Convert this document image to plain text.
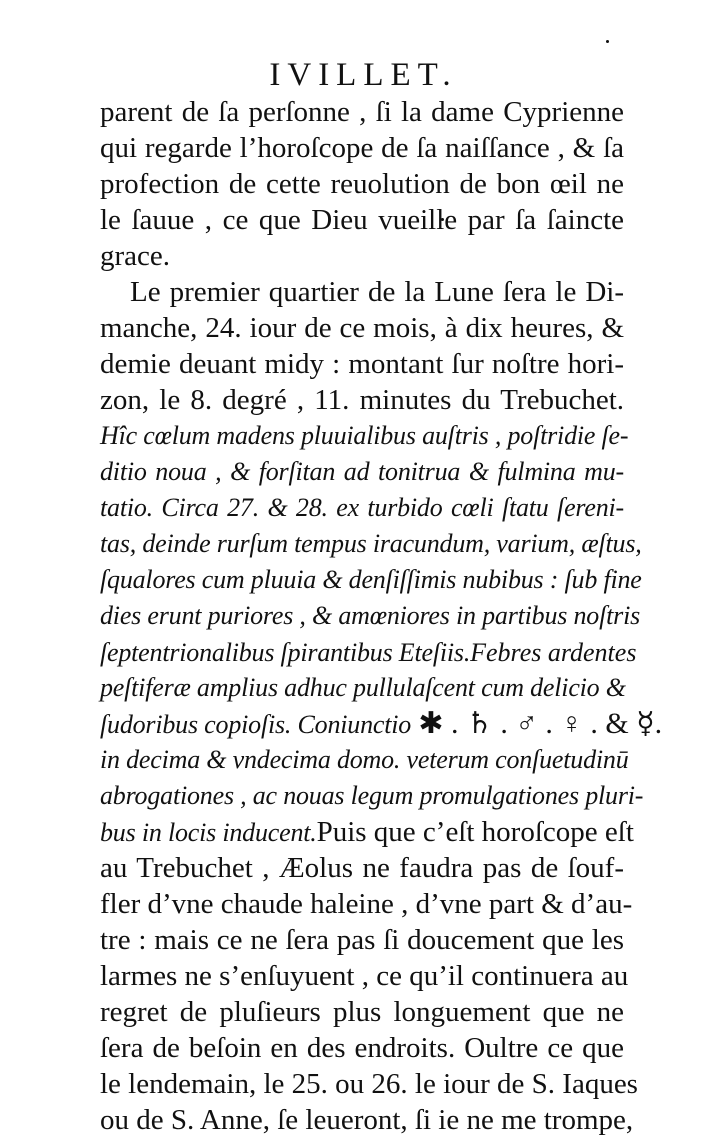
IVILLET.
parent de ſa perſonne , ſi la dame Cyprienne
qui regarde l’horoſcope de ſa naiſſance , & ſa
profection de cette reuolution de bon œil ne
le ſauue , ce que Dieu vueille par ſa ſaincte
grace.
Le premier quartier de la Lune ſera le Di-
manche, 24. iour de ce mois, à dix heures, &
demie deuant midy : montant ſur noſtre hori-
zon, le 8. degré , 11. minutes du Trebuchet.
Hîc cœlum madens pluuialibus auſtris , poſtridie ſe-
ditio noua , & forſitan ad tonitrua & fulmina mu-
tatio. Circa 27. & 28. ex turbido cœli ſtatu ſereni-
tas, deinde rurſum tempus iracundum, varium, æſtus,
ſqualores cum pluuia & denſiſſimis nubibus : ſub fine
dies erunt puriores , & amœniores in partibus noſtris
ſeptentrionalibus ſpirantibus Eteſiis.Febres ardentes
peſtiferæ amplius adhuc pullulaſcent cum delicio &
ſudoribus copioſis. Coniunctio ✱ . ♄ . ♂ . ♀ . & ☿.
in decima & vndecima domo. veterum conſuetudinū
abrogationes , ac nouas legum promulgationes pluri-
bus in locis inducent.Puis que c’eſt horoſcope eſt
au Trebuchet , Æolus ne faudra pas de ſouf-
fler d’vne chaude haleine , d’vne part & d’au-
tre : mais ce ne ſera pas ſi doucement que les
larmes ne s’enſuyuent , ce qu’il continuera au
regret de pluſieurs plus longuement que ne
ſera de beſoin en des endroits. Oultre ce que
le lendemain, le 25. ou 26. le iour de S. Iaques
ou de S. Anne, ſe leueront, ſi ie ne me trompe,
